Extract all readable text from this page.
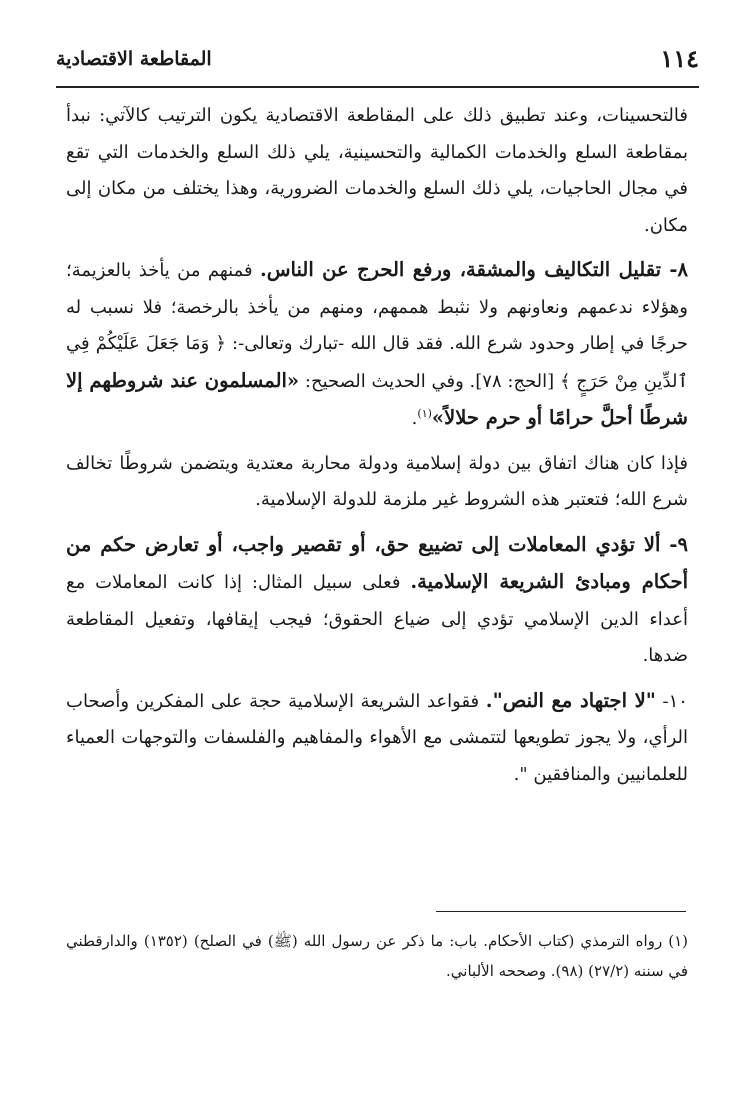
١١٤
المقاطعة الاقتصادية

فالتحسينات، وعند تطبيق ذلك على المقاطعة الاقتصادية يكون الترتيب كالآتي: نبدأ بمقاطعة السلع والخدمات الكمالية والتحسينية، يلي ذلك السلع والخدمات التي تقع في مجال الحاجيات، يلي ذلك السلع والخدمات الضرورية، وهذا يختلف من مكان إلى مكان.

٨- تقليل التكاليف والمشقة، ورفع الحرج عن الناس. فمنهم من يأخذ بالعزيمة؛ وهؤلاء ندعمهم ونعاونهم ولا نثبط هممهم، ومنهم من يأخذ بالرخصة؛ فلا نسبب له حرجًا في إطار وحدود شرع الله. فقد قال الله -تبارك وتعالى-: ﴿ وَمَا جَعَلَ عَلَيْكُمْ فِي ٱلدِّينِ مِنْ حَرَجٍ ﴾ [الحج: ٧٨]. وفي الحديث الصحيح: «المسلمون عند شروطهم إلا شرطًا أحلَّ حرامًا أو حرم حلالاً»$^{(١)}$.

فإذا كان هناك اتفاق بين دولة إسلامية ودولة محاربة معتدية ويتضمن شروطًا تخالف شرع الله؛ فتعتبر هذه الشروط غير ملزمة للدولة الإسلامية.

٩- ألا تؤدي المعاملات إلى تضييع حق، أو تقصير واجب، أو تعارض حكم من أحكام ومبادئ الشريعة الإسلامية. فعلى سبيل المثال: إذا كانت المعاملات مع أعداء الدين الإسلامي تؤدي إلى ضياع الحقوق؛ فيجب إيقافها، وتفعيل المقاطعة ضدها.

١٠- "لا اجتهاد مع النص". فقواعد الشريعة الإسلامية حجة على المفكرين وأصحاب الرأي، ولا يجوز تطويعها لتتمشى مع الأهواء والمفاهيم والفلسفات والتوجهات العمياء للعلمانيين والمنافقين ".

(١) رواه الترمذي (كتاب الأحكام. باب: ما ذكر عن رسول الله (ﷺ) في الصلح) (١٣٥٢) والدارقطني في سننه (٢٧/٢) (٩٨). وصححه الألباني.
